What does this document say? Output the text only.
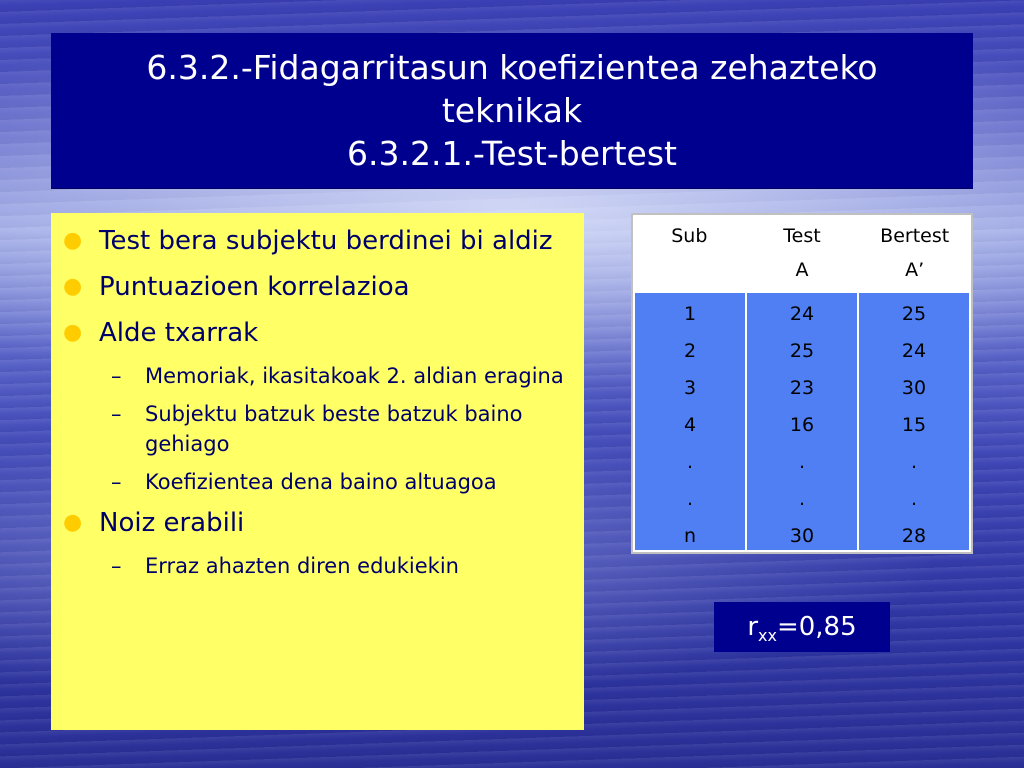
6.3.2.-Fidagarritasun koefizientea zehazteko
teknikak
6.3.2.1.-Test-bertest
● Test bera subjektu berdinei bi aldiz
● Puntuazioen korrelazioa
● Alde txarrak
– Memoriak, ikasitakoak 2. aldian eragina
– Subjektu batzuk beste batzuk baino gehiago
– Koefizientea dena baino altuagoa
● Noiz erabili
– Erraz ahazten diren edukiekin
Sub	Test
A
Bertest
A’
1
2
3
4
.
.
n
24
25
23
16
.
.
30
25
24
30
15
.
.
28
$r_{xx}=0,85$
